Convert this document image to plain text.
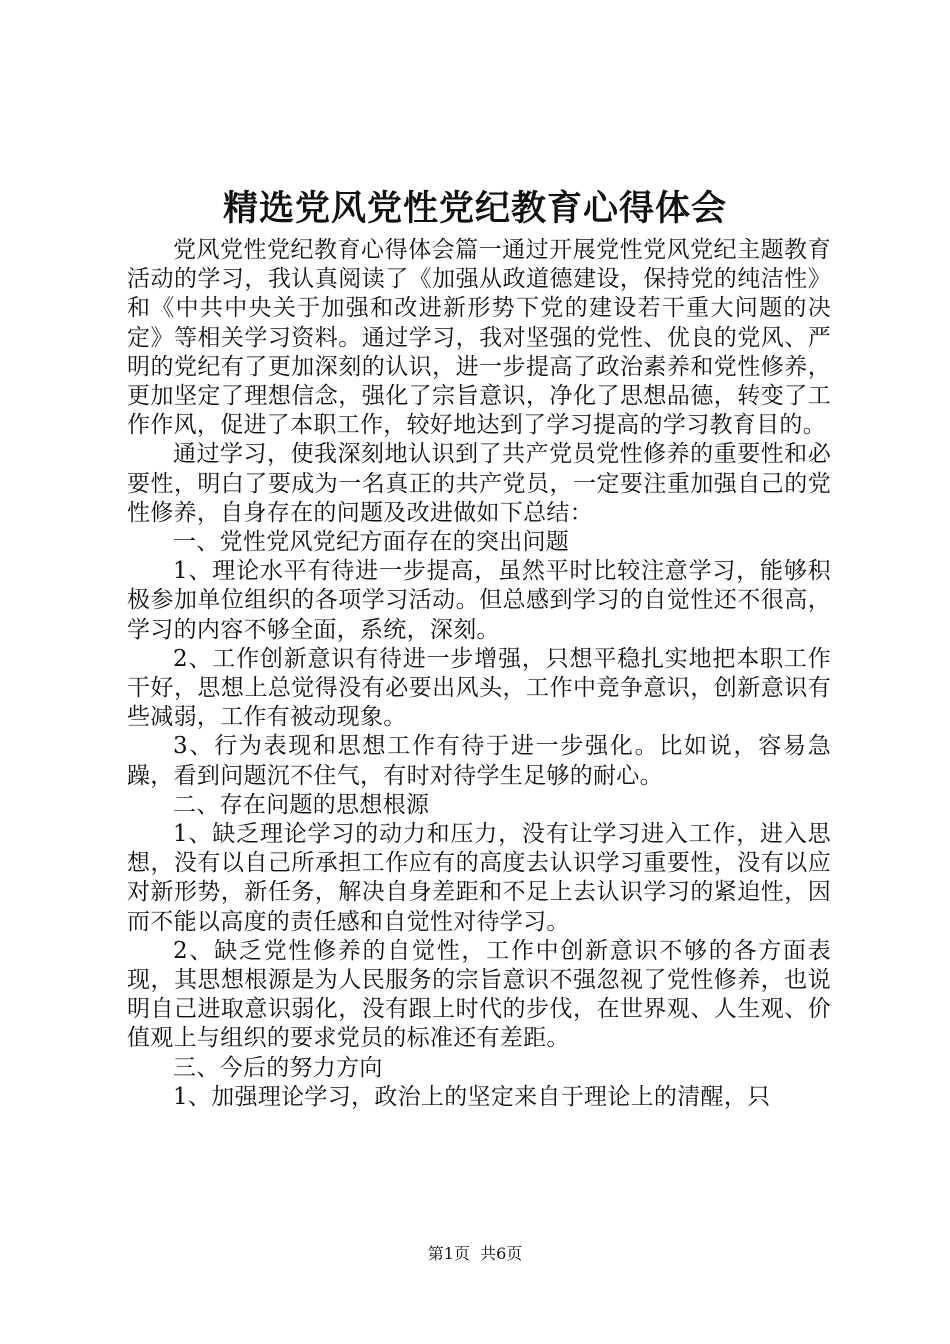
精选党风党性党纪教育心得体会

党风党性党纪教育心得体会篇一通过开展党性党风党纪主题教育活动的学习，我认真阅读了《加强从政道德建设，保持党的纯洁性》和《中共中央关于加强和改进新形势下党的建设若干重大问题的决定》等相关学习资料。通过学习，我对坚强的党性、优良的党风、严明的党纪有了更加深刻的认识，进一步提高了政治素养和党性修养，更加坚定了理想信念，强化了宗旨意识，净化了思想品德，转变了工作作风，促进了本职工作，较好地达到了学习提高的学习教育目的。

通过学习，使我深刻地认识到了共产党员党性修养的重要性和必要性，明白了要成为一名真正的共产党员，一定要注重加强自己的党性修养，自身存在的问题及改进做如下总结：

一、党性党风党纪方面存在的突出问题

1、理论水平有待进一步提高，虽然平时比较注意学习，能够积极参加单位组织的各项学习活动。但总感到学习的自觉性还不很高，学习的内容不够全面，系统，深刻。

2、工作创新意识有待进一步增强，只想平稳扎实地把本职工作干好，思想上总觉得没有必要出风头，工作中竞争意识，创新意识有些减弱，工作有被动现象。

3、行为表现和思想工作有待于进一步强化。比如说，容易急躁，看到问题沉不住气，有时对待学生足够的耐心。

二、存在问题的思想根源

1、缺乏理论学习的动力和压力，没有让学习进入工作，进入思想，没有以自己所承担工作应有的高度去认识学习重要性，没有以应对新形势，新任务，解决自身差距和不足上去认识学习的紧迫性，因而不能以高度的责任感和自觉性对待学习。

2、缺乏党性修养的自觉性，工作中创新意识不够的各方面表现，其思想根源是为人民服务的宗旨意识不强忽视了党性修养，也说明自己进取意识弱化，没有跟上时代的步伐，在世界观、人生观、价值观上与组织的要求党员的标准还有差距。

三、今后的努力方向

1、加强理论学习，政治上的坚定来自于理论上的清醒，只

第1页  共6页
